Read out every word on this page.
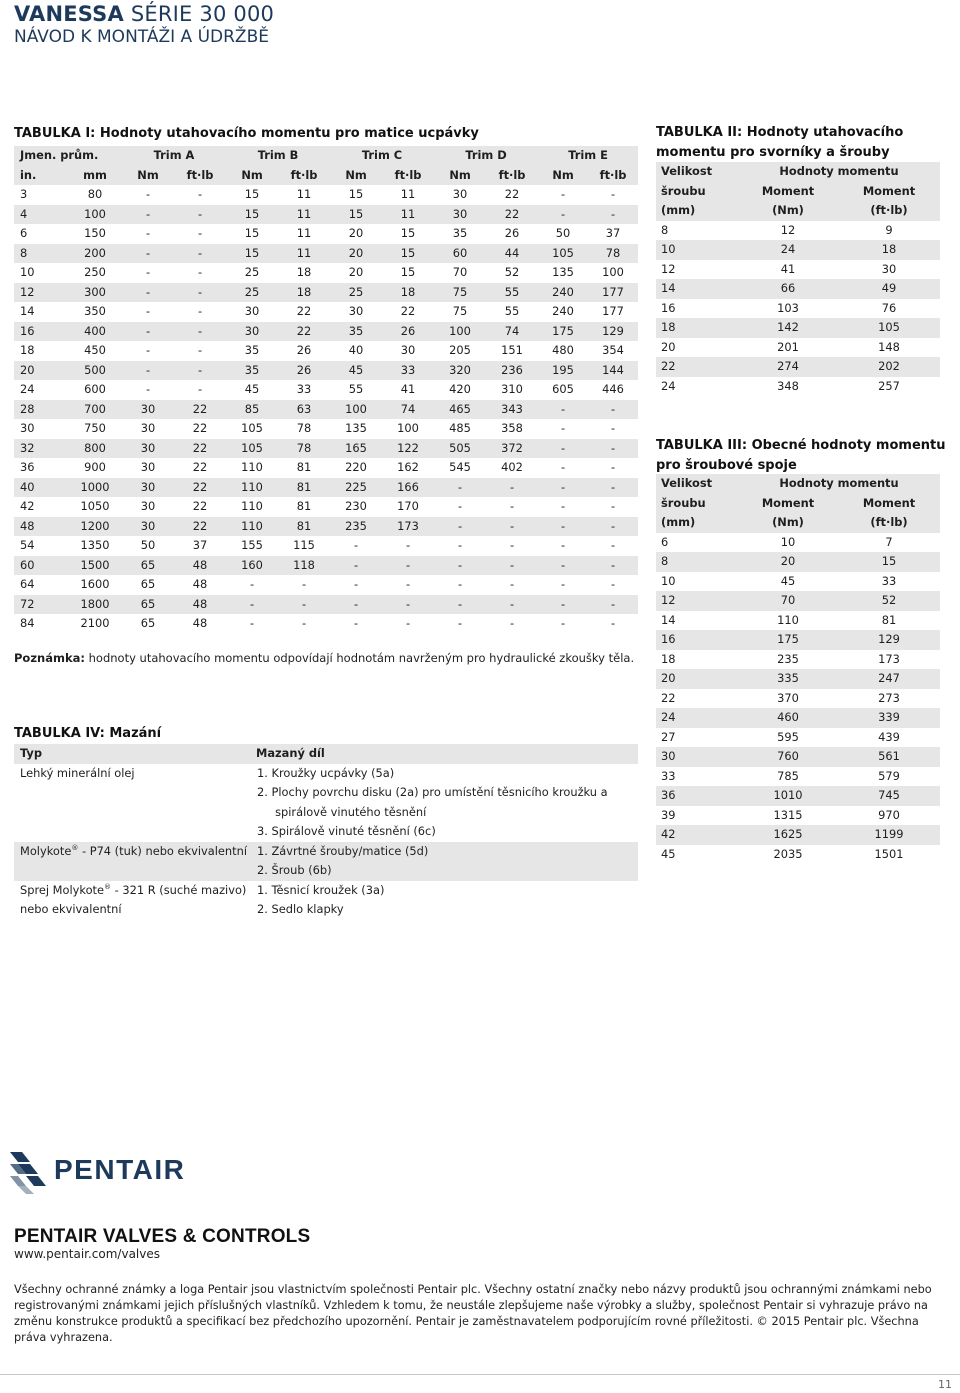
VANESSA SÉRIE 30 000
NÁVOD K MONTÁŽI A ÚDRŽBĚ
TABULKA I: Hodnoty utahovacího momentu pro matice ucpávky
Jmen. prům.		Trim A		Trim B		Trim C		Trim D		Trim E	
in.	mm	Nm	ft·lb	Nm	ft·lb	Nm	ft·lb	Nm	ft·lb	Nm	ft·lb
3	80	-	-	15	11	15	11	30	22	-	-
4	100	-	-	15	11	15	11	30	22	-	-
6	150	-	-	15	11	20	15	35	26	50	37
8	200	-	-	15	11	20	15	60	44	105	78
10	250	-	-	25	18	20	15	70	52	135	100
12	300	-	-	25	18	25	18	75	55	240	177
14	350	-	-	30	22	30	22	75	55	240	177
16	400	-	-	30	22	35	26	100	74	175	129
18	450	-	-	35	26	40	30	205	151	480	354
20	500	-	-	35	26	45	33	320	236	195	144
24	600	-	-	45	33	55	41	420	310	605	446
28	700	30	22	85	63	100	74	465	343	-	-
30	750	30	22	105	78	135	100	485	358	-	-
32	800	30	22	105	78	165	122	505	372	-	-
36	900	30	22	110	81	220	162	545	402	-	-
40	1000	30	22	110	81	225	166	-	-	-	-
42	1050	30	22	110	81	230	170	-	-	-	-
48	1200	30	22	110	81	235	173	-	-	-	-
54	1350	50	37	155	115	-	-	-	-	-	-
60	1500	65	48	160	118	-	-	-	-	-	-
64	1600	65	48	-	-	-	-	-	-	-	-
72	1800	65	48	-	-	-	-	-	-	-	-
84	2100	65	48	-	-	-	-	-	-	-	-
Poznámka: hodnoty utahovacího momentu odpovídají hodnotám navrženým pro hydraulické zkoušky těla.
TABULKA IV: Mazání
Typ	Mazaný díl
Lehký minerální olej	1. Kroužky ucpávky (5a)
	2. Plochy povrchu disku (2a) pro umístění těsnicího kroužku a
	spirálově vinutého těsnění
	3. Spirálově vinuté těsnění (6c)
Molykote® - P74 (tuk) nebo ekvivalentní	1. Závrtné šrouby/matice (5d)
	2. Šroub (6b)
Sprej Molykote® - 321 R (suché mazivo)	1. Těsnicí kroužek (3a)
nebo ekvivalentní	2. Sedlo klapky
TABULKA II: Hodnoty utahovacího momentu pro svorníky a šrouby
Velikost	Hodnoty momentu	
šroubu	Moment	Moment
(mm)	(Nm)	(ft·lb)
8	12	9
10	24	18
12	41	30
14	66	49
16	103	76
18	142	105
20	201	148
22	274	202
24	348	257
TABULKA III: Obecné hodnoty momentu pro šroubové spoje
Velikost	Hodnoty momentu	
šroubu	Moment	Moment
(mm)	(Nm)	(ft·lb)
6	10	7
8	20	15
10	45	33
12	70	52
14	110	81
16	175	129
18	235	173
20	335	247
22	370	273
24	460	339
27	595	439
30	760	561
33	785	579
36	1010	745
39	1315	970
42	1625	1199
45	2035	1501
PENTAIR
PENTAIR VALVES & CONTROLS
www.pentair.com/valves
Všechny ochranné známky a loga Pentair jsou vlastnictvím společnosti Pentair plc. Všechny ostatní značky nebo názvy produktů jsou ochrannými známkami nebo registrovanými známkami jejich příslušných vlastníků. Vzhledem k tomu, že neustále zlepšujeme naše výrobky a služby, společnost Pentair si vyhrazuje právo na změnu konstrukce produktů a specifikací bez předchozího upozornění. Pentair je zaměstnavatelem podporujícím rovné příležitosti. © 2015 Pentair plc. Všechna práva vyhrazena.
11
